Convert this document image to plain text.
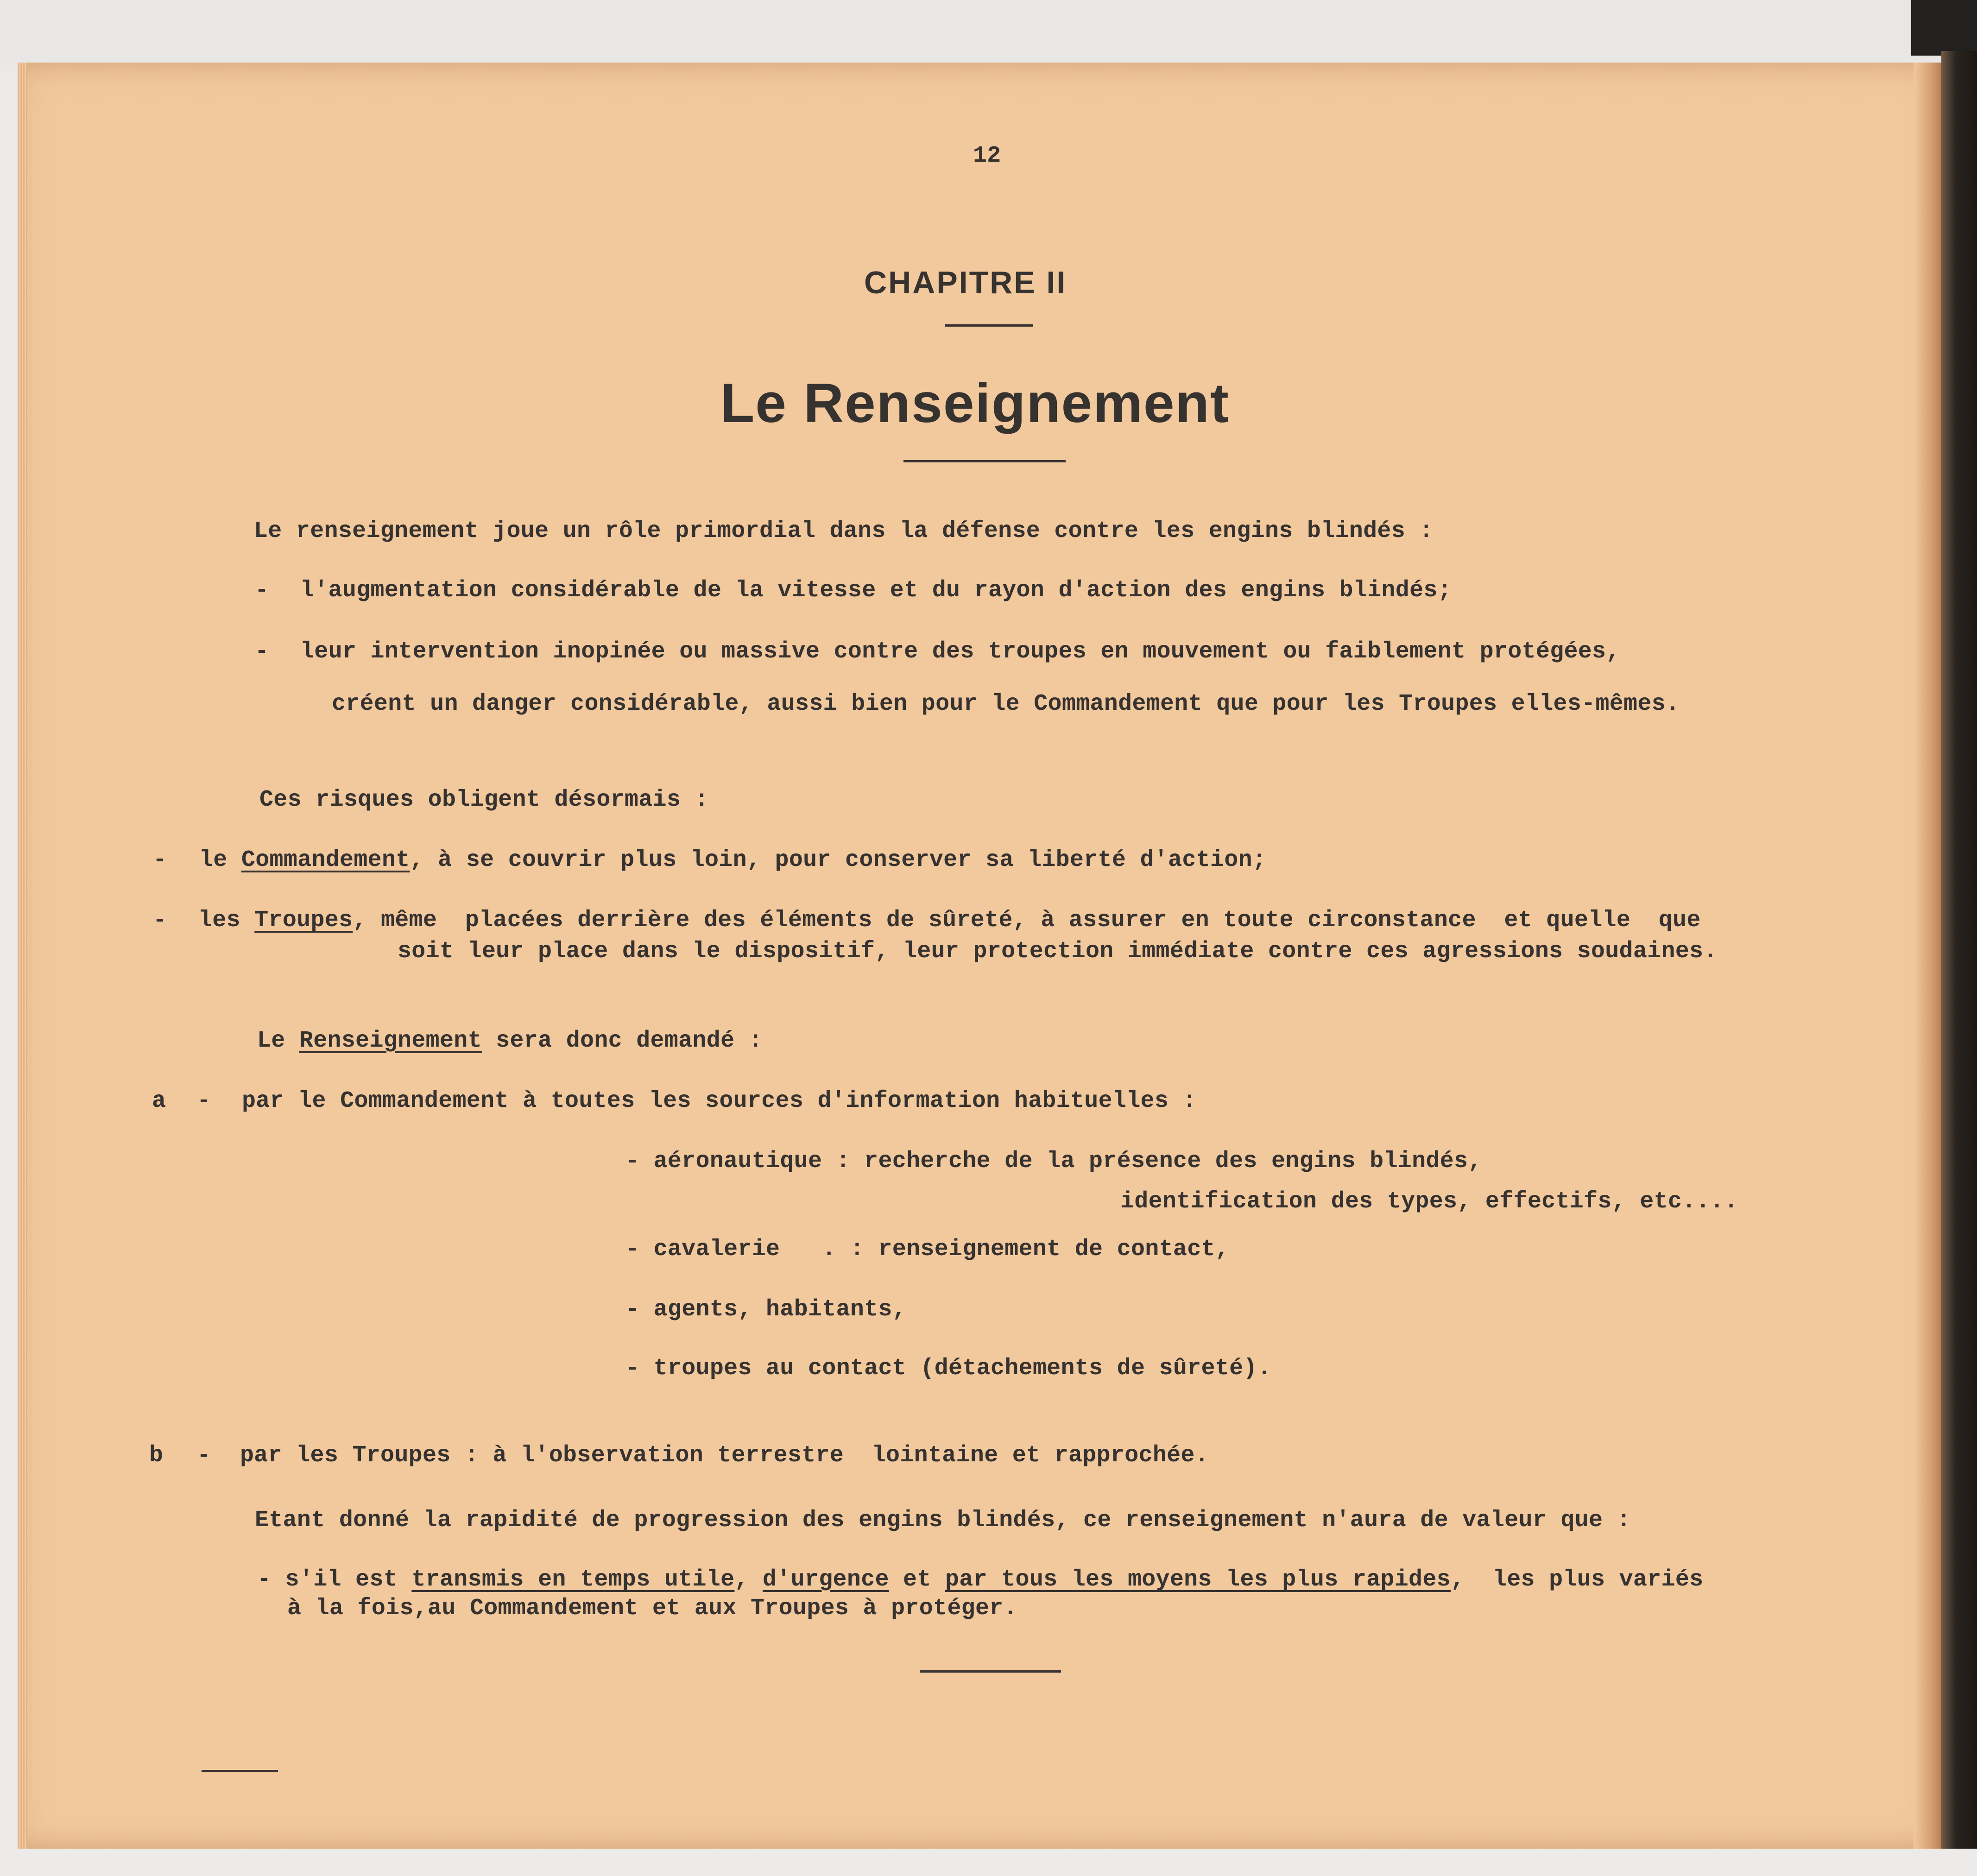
12

CHAPITRE II

Le Renseignement

Le renseignement joue un rôle primordial dans la défense contre les engins blindés :

- l'augmentation considérable de la vitesse et du rayon d'action des engins blindés;

- leur intervention inopinée ou massive contre des troupes en mouvement ou faiblement protégées,

créent un danger considérable, aussi bien pour le Commandement que pour les Troupes elles-mêmes.

Ces risques obligent désormais :

- le Commandement, à se couvrir plus loin, pour conserver sa liberté d'action;

- les Troupes, même  placées derrière des éléments de sûreté, à assurer en toute circonstance  et quelle  que

soit leur place dans le dispositif, leur protection immédiate contre ces agressions soudaines.

Le Renseignement sera donc demandé :

a - par le Commandement à toutes les sources d'information habituelles :

- aéronautique : recherche de la présence des engins blindés,

identification des types, effectifs, etc....

- cavalerie   . : renseignement de contact,

- agents, habitants,

- troupes au contact (détachements de sûreté).

b - par les Troupes : à l'observation terrestre  lointaine et rapprochée.

Etant donné la rapidité de progression des engins blindés, ce renseignement n'aura de valeur que :

- s'il est transmis en temps utile, d'urgence et par tous les moyens les plus rapides,  les plus variés

à la fois,au Commandement et aux Troupes à protéger.
